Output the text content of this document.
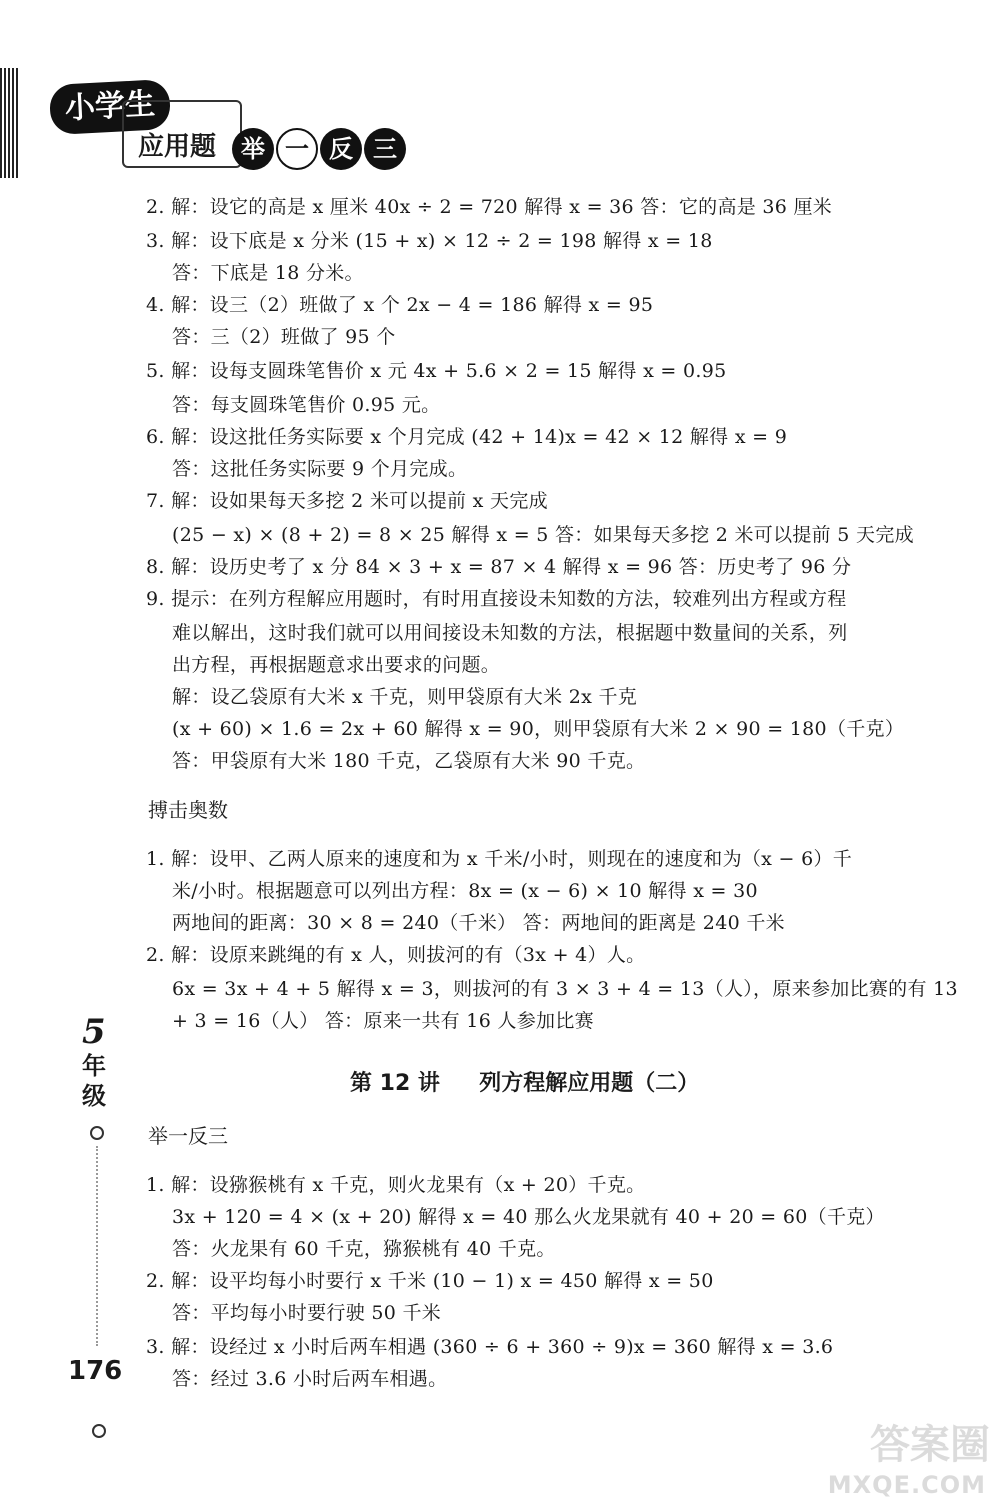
小学生
应用题	举 一 反 三
2. 解：设它的高是 x 厘米 40x ÷ 2 = 720 解得 x = 36 答：它的高是 36 厘米
3. 解：设下底是 x 分米 (15 + x) × 12 ÷ 2 = 198 解得 x = 18
答：下底是 18 分米。
4. 解：设三（2）班做了 x 个 2x − 4 = 186 解得 x = 95
答：三（2）班做了 95 个
5. 解：设每支圆珠笔售价 x 元 4x + 5.6 × 2 = 15 解得 x = 0.95
答：每支圆珠笔售价 0.95 元。
6. 解：设这批任务实际要 x 个月完成 (42 + 14)x = 42 × 12 解得 x = 9
答：这批任务实际要 9 个月完成。
7. 解：设如果每天多挖 2 米可以提前 x 天完成
(25 − x) × (8 + 2) = 8 × 25 解得 x = 5 答：如果每天多挖 2 米可以提前 5 天完成
8. 解：设历史考了 x 分 84 × 3 + x = 87 × 4 解得 x = 96 答：历史考了 96 分
9. 提示：在列方程解应用题时，有时用直接设未知数的方法，较难列出方程或方程
难以解出，这时我们就可以用间接设未知数的方法，根据题中数量间的关系，列
出方程，再根据题意求出要求的问题。
解：设乙袋原有大米 x 千克，则甲袋原有大米 2x 千克
(x + 60) × 1.6 = 2x + 60 解得 x = 90，则甲袋原有大米 2 × 90 = 180（千克）
答：甲袋原有大米 180 千克，乙袋原有大米 90 千克。
搏击奥数
1. 解：设甲、乙两人原来的速度和为 x 千米/小时，则现在的速度和为（x − 6）千
米/小时。根据题意可以列出方程：8x = (x − 6) × 10 解得 x = 30
两地间的距离：30 × 8 = 240（千米） 答：两地间的距离是 240 千米
2. 解：设原来跳绳的有 x 人，则拔河的有（3x + 4）人。
6x = 3x + 4 + 5 解得 x = 3，则拔河的有 3 × 3 + 4 = 13（人），原来参加比赛的有 13
+ 3 = 16（人） 答：原来一共有 16 人参加比赛
第 12 讲 列方程解应用题（二）
举一反三
1. 解：设猕猴桃有 x 千克，则火龙果有（x + 20）千克。
3x + 120 = 4 × (x + 20) 解得 x = 40 那么火龙果就有 40 + 20 = 60（千克）
答：火龙果有 60 千克，猕猴桃有 40 千克。
2. 解：设平均每小时要行 x 千米 (10 − 1) x = 450 解得 x = 50
答：平均每小时要行驶 50 千米
3. 解：设经过 x 小时后两车相遇 (360 ÷ 6 + 360 ÷ 9)x = 360 解得 x = 3.6
答：经过 3.6 小时后两车相遇。
5
年
级
176
答案圈
MXQE.COM
